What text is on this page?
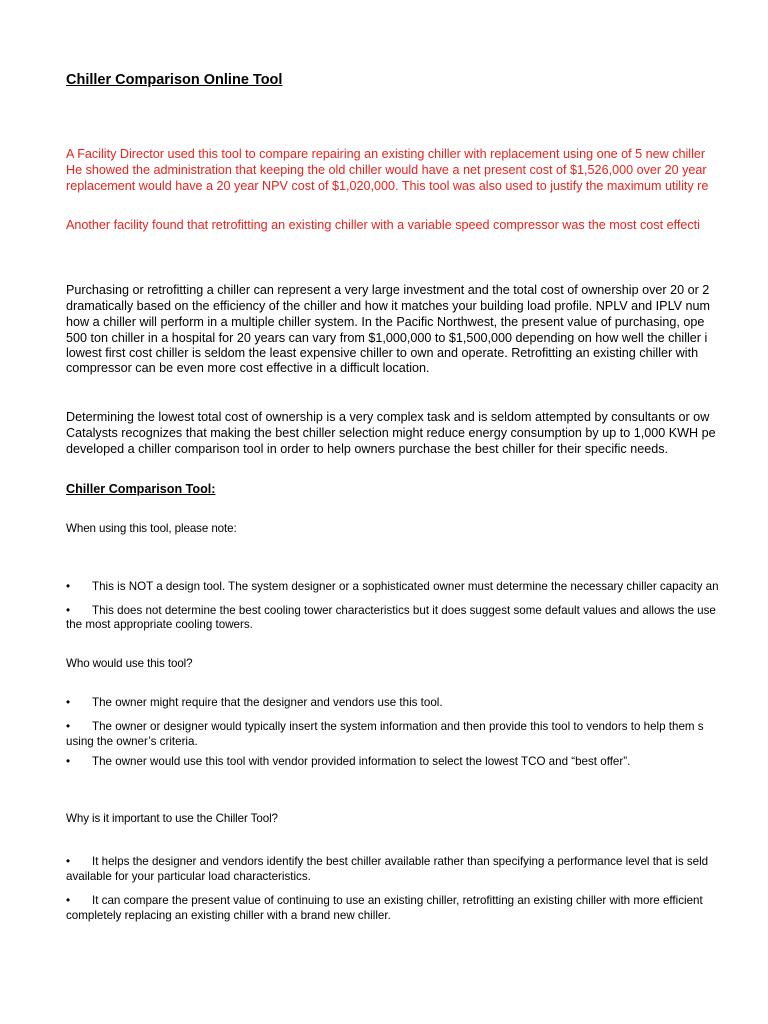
Chiller Comparison Online Tool
A Facility Director used this tool to compare repairing an existing chiller with replacement using one of 5 new chiller
He showed the administration that keeping the old chiller would have a net present cost of $1,526,000 over 20 year
replacement would have a 20 year NPV cost of $1,020,000. This tool was also used to justify the maximum utility re
Another facility found that retrofitting an existing chiller with a variable speed compressor was the most cost effecti
Purchasing or retrofitting a chiller can represent a very large investment and the total cost of ownership over 20 or 2
dramatically based on the efficiency of the chiller and how it matches your building load profile. NPLV and IPLV num
how a chiller will perform in a multiple chiller system. In the Pacific Northwest, the present value of purchasing, ope
500 ton chiller in a hospital for 20 years can vary from $1,000,000 to $1,500,000 depending on how well the chiller i
lowest first cost chiller is seldom the least expensive chiller to own and operate. Retrofitting an existing chiller with
compressor can be even more cost effective in a difficult location.
Determining the lowest total cost of ownership is a very complex task and is seldom attempted by consultants or ow
Catalysts recognizes that making the best chiller selection might reduce energy consumption by up to 1,000 KWH pe
developed a chiller comparison tool in order to help owners purchase the best chiller for their specific needs.
Chiller Comparison Tool:
When using this tool, please note:
• This is NOT a design tool. The system designer or a sophisticated owner must determine the necessary chiller capacity an
• This does not determine the best cooling tower characteristics but it does suggest some default values and allows the use
the most appropriate cooling towers.
Who would use this tool?
• The owner might require that the designer and vendors use this tool.
• The owner or designer would typically insert the system information and then provide this tool to vendors to help them s
using the owner’s criteria.
• The owner would use this tool with vendor provided information to select the lowest TCO and “best offer”.
Why is it important to use the Chiller Tool?
• It helps the designer and vendors identify the best chiller available rather than specifying a performance level that is seld
available for your particular load characteristics.
• It can compare the present value of continuing to use an existing chiller, retrofitting an existing chiller with more efficient
completely replacing an existing chiller with a brand new chiller.
